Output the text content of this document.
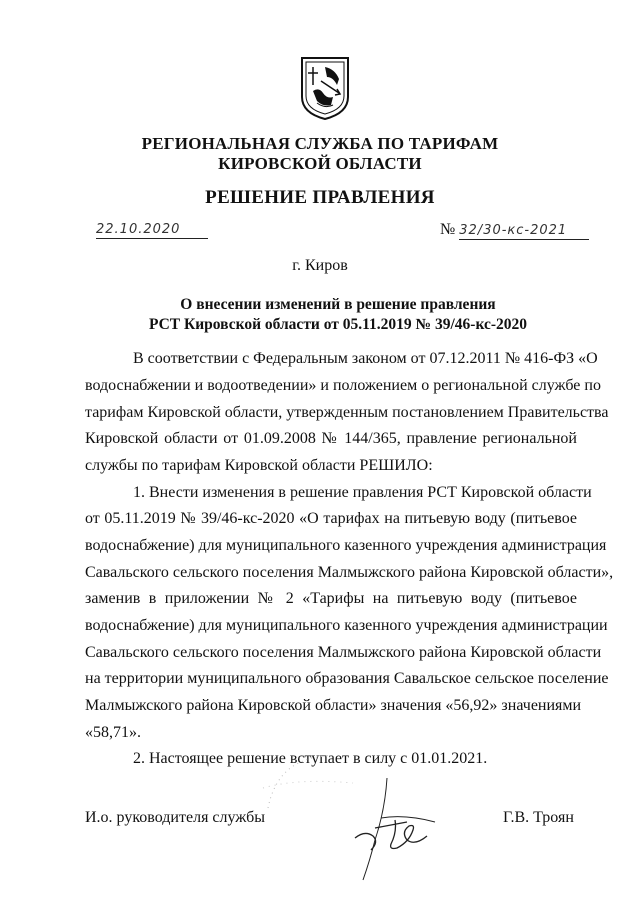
РЕГИОНАЛЬНАЯ СЛУЖБА ПО ТАРИФАМ
КИРОВСКОЙ ОБЛАСТИ
РЕШЕНИЕ ПРАВЛЕНИЯ
22.10.2020	№ 32/30-кс-2021
г. Киров
О внесении изменений в решение правления
РСТ Кировской области от 05.11.2019 № 39/46-кс-2020
В соответствии с Федеральным законом от 07.12.2011 № 416-ФЗ «О
водоснабжении и водоотведении» и положением о региональной службе по
тарифам Кировской области, утвержденным постановлением Правительства
Кировской области от 01.09.2008 № 144/365, правление региональной
службы по тарифам Кировской области РЕШИЛО:
1. Внести изменения в решение правления РСТ Кировской области
от 05.11.2019 № 39/46-кс-2020 «О тарифах на питьевую воду (питьевое
водоснабжение) для муниципального казенного учреждения администрация
Савальского сельского поселения Малмыжского района Кировской области»,
заменив в приложении № 2 «Тарифы на питьевую воду (питьевое
водоснабжение) для муниципального казенного учреждения администрации
Савальского сельского поселения Малмыжского района Кировской области
на территории муниципального образования Савальское сельское поселение
Малмыжского района Кировской области» значения «56,92» значениями
«58,71».
2. Настоящее решение вступает в силу с 01.01.2021.
И.о. руководителя службы	Г.В. Троян
